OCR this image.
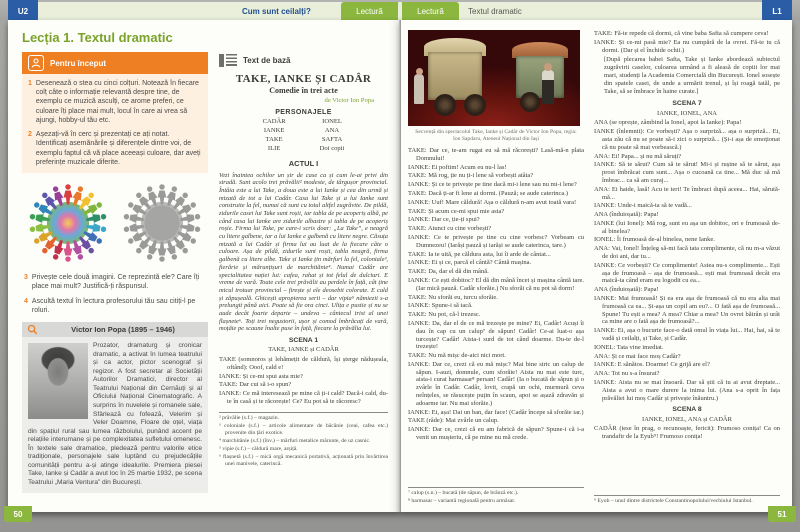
U2	Cum sunt ceilalți?	Lectură	Lectură	Textul dramatic	L1
Lecția 1. Textul dramatic
Pentru început
1 Desenează o stea cu cinci colțuri. Notează în fiecare colț câte o informație relevantă despre tine, de exemplu ce muzică asculți, ce arome preferi, ce culoare îți place mai mult, locul în care ai vrea să ajungi, hobby-ul tău etc.
2 Așezați-vă în cerc și prezentați ce ați notat. Identificați asemănările și diferențele dintre voi, de exemplu faptul că vă place aceeași culoare, dar aveți preferințe muzicale diferite.
3 Privește cele două imagini. Ce reprezintă ele? Care îți place mai mult? Justifică-ți răspunsul.
4 Ascultă textul în lectura profesorului tău sau citiți-l pe roluri.
Victor Ion Popa (1895 – 1946)
Prozator, dramaturg și cronicar dramatic, a activat în lumea teatrului și ca actor, pictor scenograf și regizor. A fost secretar al Societății Autorilor Dramatici, director al Teatrului Național din Cernăuți și al Oficiului Național Cinematografic. A surprins în nuvelele și romanele sale, Sfârlează cu fofează, Velerim și Veler Doamne, Floare de oțel, viața din spațiul rural sau lumea războiului, punând accent pe relațiile interumane și pe complexitatea sufletului omenesc. În textele sale dramatice, pledează pentru valorile etice tradiționale, personajele sale luptând cu prejudecățile comunității pentru a-și atinge idealurile. Premiera piesei Take, Ianke și Cadâr a avut loc în 25 martie 1932, pe scena Teatrului „Maria Ventura” din București.
Text de bază
TAKE, IANKE ȘI CADÂR
Comedie în trei acte
de Victor Ion Popa
PERSONAJELE
CADÂR
IANKE
TAKE
ILIE
IONEL
ANA
SAFTA
Doi copii
ACTUL I
Vezi înaintea ochilor un șir de case ca și cum le-ai privi din stradă. Sunt acolo trei prăvălii² modeste, de târgușor provincial. Întâia este a lui Take, a doua este a lui Ianke și cea din urmă și mizată de tot a lui Cadâr. Casa lui Take și a lui Ianke sunt construite la fel, numai că sunt cu totul altfel zugrăvite. De pildă, zidurile casei lui Take sunt roșii, iar tabla de pe acoperiș albă, pe când casa lui Ianke are zidurile albastre și tabla de pe acoperiș roșie. Firma lui Take, pe care-i scris doar: „La Take”, e neagră cu litere galbene, iar a lui Ianke e galbenă cu litere negre. Căsuța mizată a lui Cadâr și firma lui au luat de la fiecare câte o culoare. Așa de pildă, zidurile sunt roșii, tabla neagră, firma galbenă cu litere albe. Take și Ianke țin mărfuri la fel, coloniale³, fierărie și mărunțișuri de marchitănie⁴. Numai Cadâr are specialitatea nației lui: cafea, rahat și tot felul de dulciuri. E vreme de vară. Toate cele trei prăvălii au perdele în față, cât ține micul trotuar provincial – firește și ele deosebit colorate. E cald și zăpușeală. Ghicești apropierea serii – dar vipia⁵ nămiezii s-a prelungit până aici. Poate să fie ora cinci. Ulița e pustie și nu se aude decât foarte departe – undeva – cântecul trist al unei flașnete⁶. Toți trei negustorii, ușor și comod îmbrăcați de vară, moțăie pe scaune înalte puse în față, fiecare la prăvălia lui.
SCENA 1
TAKE, IANKE și CADÂR
TAKE (somnoros și lehămețit de căldură, își șterge nădușeala, oftând): Ooof, cald e!
IANKE: Și ce-mi spui asta mie?
TAKE: Dar cui să i-o spun?
IANKE: Ce mă interesează pe mine că ți-i cald? Dacă-i cald, du-te în casă și te răcorește! Ce? Eu pot să te răcoresc?
² prăvălie (s.f.) – magazin.
³ coloniale (s.f.) – articole alimentare de băcănie (ceai, cafea etc.) provenite din țări exotice.
⁴ marchitănie (s.f.) (înv.) – mărfuri metalice mărunte, de uz casnic.
⁵ vipie (s.f.) – căldură mare, arșiță.
⁶ flașnetă (s.f.) – mică orgă mecanică portativă, acționată prin învârtirea unei manivele, caterincă.
Secvență din spectacolul Take, Ianke și Cadâr de Victor Ion Popa, regia: Ion Sapdaru, Ateneul Național din Iași
TAKE: Dar ce, te-am rugat eu să mă răcorești? Lasă-mă-n plata Domnului!
IANKE: Ei poftim! Acum eu nu-l las!
TAKE: Mă rog, ție nu ți-i lene să vorbești atâta?
IANKE: Și ce te privește pe tine dacă mi-i lene sau nu mi-i lene?
TAKE: Dacă ți-ar fi lene ai dormi. (Pauză; se aude caterinca.)
IANKE: Uuf! Mare căldură! Așa o căldură n-am avut toată vara!
TAKE: Și acum ce-mi spui mie asta?
IANKE: Dar ce, ție-ți spui?
TAKE: Atunci cu cine vorbești?
IANKE: Ce te privește pe tine cu cine vorbesc? Vorbeam cu Dumnezeu! (Iarăși pauză și iarăși se aude caterinca, tare.)
TAKE: Ia te uită, pe căldura asta, lui îi arde de cântat...
IANKE: Ei și ce, parcă el cântă? Cântă mașina.
TAKE: Da, dar el dă din mână.
IANKE: Ce ești dobitoc? El dă din mână încet și mașina cântă tare. (Iar mică pauză. Cadâr sforăie.) Nu sforăi că nu pot să dorm!
TAKE: Nu sforăi eu, turcu sforăie.
IANKE: Spune-i să tacă.
TAKE: Nu pot, că-l trezesc.
IANKE: Da, dar el de ce mă trezește pe mine? Ei, Cadâr! Acuși îi dau în cap cu un calup⁷ de săpun! Cadâr! Ce-ai luat-o așa turcește? Cadâr! Aista-i surd de tot când doarme. Du-te de-l trezește!
TAKE: Nu mă mișc de-aici nici mort.
IANKE: Dar ce, crezi că eu mă mișc? Mai bine stric un calup de săpun. I-auzi, domnule, cum sforăie! Aista nu mai este turc, aista-i curat harmasar⁸ persan! Cadâr! (Ia o bucată de săpun și o zvârle în Cadâr. Cadâr, lovit, crapă un ochi, murmură ceva neînțeles, se răsucește puțin în scaun, apoi se așază zdravăn și adoarme iar. Nu mai sforăie.)
IANKE: Ei, așa! Dai un ban, dar face! (Cadâr începe să sforăie iar.)
TAKE (râde): Mai zvârle un calup.
IANKE: Dar ce, crezi că eu am fabrică de săpun? Spune-i că i-a venit un mușteriu, că pe mine nu mă crede.
⁷ calup (s.n.) – bucată (de săpun, de brânză etc.).
⁸ harmasar – variantă regională pentru armăsar.
TAKE: Fă-te repede că dormi, că vine baba Safta să cumpere ceva!
IANKE: Și ce-mi pasă mie? Ea nu cumpără de la ovrei. Fă-te tu că dormi. (Dar și el închide ochii.)
[După plecarea babei Safta, Take și Ianke abordează subiectul zugrăvirii caselor, culoarea urmând a fi aleasă de copiii lor mai mari, studenți la Academia Comercială din București. Ionel sosește din spatele casei, de unde a urmărit trenul, și își roagă tatăl, pe Take, să se îmbrace în haine curate.]
SCENA 7
IANKE, IONEL, ANA
ANA (se oprește, zâmbind la Ionel, apoi la Ianke): Papa!
IANKE (înlemnit): Ce vorbești? Așa o surpriză... așa o surpriză... Ei, asta zău că nu se poate să-i zici o surpriză... (Și-i așa de emoționat că nu poate să mai vorbească.)
ANA: Ei! Papa... și nu mă săruți?
IANKE: Să te sărut? Cum să te sărut! Mi-i și rușine să te sărut, așa prost îmbrăcat cum sunt... Așa o cucoană ca tine... Mă duc să mă îmbrac... ca să am curaj...
ANA: Ei haide, lasă! Acu te iert! Te îmbraci după aceea... Hai, sărută-mă...
IANKE: Unde-i maică-ta să te vadă...
ANA (înduioșată): Papa!
IANKE (lui Ionel): Mă rog, sunt eu așa un dobitoc, ori e frumoasă de-al binelea?
IONEL: Îi frumoasă de-al binelea, nene Ianke.
ANA: Vai, Ionel! Înțeleg să-mi facă tata complimente, că nu m-a văzut de doi ani, dar tu...
IANKE: Ce vorbești? Ce complimente! Astea nu-s complimente... Ești așa de frumoasă – așa de frumoasă... ești mai frumoasă decât era maică-ta când eram eu logodit cu ea...
ANA (înduioșată): Papa!
IANKE: Mai frumoasă! Și ea era așa de frumoasă că nu era alta mai frumoasă ca ea... Și-așa un copil am eu?... O fată așa de frumoasă... Spune! Tu ești a mea? A mea? Chiar a mea? Un ovrei bătrân și urât ca mine are o fată așa de frumoasă?...
IANKE: Ei, așa o bucurie face-o dată omul în viața lui... Hai, hai, să te vadă și ceilalți, și Take, și Cadâr.
IONEL: Tata vine imediat.
ANA: Și ce mai face moș Cadâr?
IANKE: E sănătos. Doarme! Ce grijă are el?
ANA: Tot nu s-a însurat?
IANKE: Aista nu se mai însoară. Dar să știi că tu ai avut dreptate... Aista a avut o mare durere la inima lui. (Ana s-a oprit în fața prăvăliei lui moș Cadâr și privește înăuntru.)
SCENA 8
IANKE, IONEL, ANA și CADÂR
CADÂR (iese în prag, o recunoaște, fericit): Frumoso conița! Ca on trandafir de la Eyub⁹! Frumoso conița!
⁹ Eyub – unul dintre districtele Constantinopolului/vechiului Istanbul.
50	51
